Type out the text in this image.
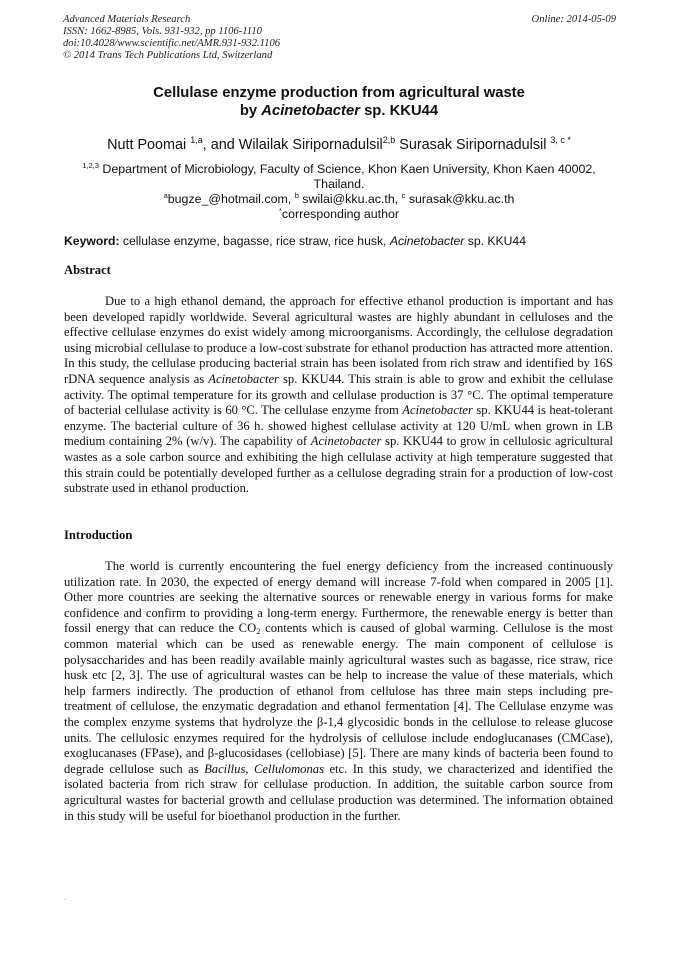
Advanced Materials Research
ISSN: 1662-8985, Vols. 931-932, pp 1106-1110
doi:10.4028/www.scientific.net/AMR.931-932.1106
© 2014 Trans Tech Publications Ltd, Switzerland
Online: 2014-05-09
Cellulase enzyme production from agricultural waste
by Acinetobacter sp. KKU44
Nutt Poomai $^{1,a}$, and Wilailak Siripornadulsil$^{2,b}$ Surasak Siripornadulsil $^{3, c *}$
$^{1,2,3}$ Department of Microbiology, Faculty of Science, Khon Kaen University, Khon Kaen 40002, Thailand.
$^a$bugze_@hotmail.com, $^b$ swilai@kku.ac.th, $^c$ surasak@kku.ac.th
*corresponding author
Keyword: cellulase enzyme, bagasse, rice straw, rice husk, Acinetobacter sp. KKU44
Abstract
Due to a high ethanol demand, the approach for effective ethanol production is important and has been developed rapidly worldwide. Several agricultural wastes are highly abundant in celluloses and the effective cellulase enzymes do exist widely among microorganisms. Accordingly, the cellulose degradation using microbial cellulase to produce a low-cost substrate for ethanol production has attracted more attention. In this study, the cellulase producing bacterial strain has been isolated from rich straw and identified by 16S rDNA sequence analysis as Acinetobacter sp. KKU44. This strain is able to grow and exhibit the cellulase activity. The optimal temperature for its growth and cellulase production is 37 °C. The optimal temperature of bacterial cellulase activity is 60 °C. The cellulase enzyme from Acinetobacter sp. KKU44 is heat-tolerant enzyme. The bacterial culture of 36 h. showed highest cellulase activity at 120 U/mL when grown in LB medium containing 2% (w/v). The capability of Acinetobacter sp. KKU44 to grow in cellulosic agricultural wastes as a sole carbon source and exhibiting the high cellulase activity at high temperature suggested that this strain could be potentially developed further as a cellulose degrading strain for a production of low-cost substrate used in ethanol production.
Introduction
The world is currently encountering the fuel energy deficiency from the increased continuously utilization rate. In 2030, the expected of energy demand will increase 7-fold when compared in 2005 [1]. Other more countries are seeking the alternative sources or renewable energy in various forms for make confidence and confirm to providing a long-term energy. Furthermore, the renewable energy is better than fossil energy that can reduce the $CO_2$ contents which is caused of global warming. Cellulose is the most common material which can be used as renewable energy. The main component of cellulose is polysaccharides and has been readily available mainly agricultural wastes such as bagasse, rice straw, rice husk etc [2, 3]. The use of agricultural wastes can be help to increase the value of these materials, which help farmers indirectly. The production of ethanol from cellulose has three main steps including pre-treatment of cellulose, the enzymatic degradation and ethanol fermentation [4]. The Cellulase enzyme was the complex enzyme systems that hydrolyze the β-1,4 glycosidic bonds in the cellulose to release glucose units. The cellulosic enzymes required for the hydrolysis of cellulose include endoglucanases (CMCase), exoglucanases (FPase), and β-glucosidases (cellobiase) [5]. There are many kinds of bacteria been found to degrade cellulose such as Bacillus, Cellulomonas etc. In this study, we characterized and identified the isolated bacteria from rich straw for cellulase production. In addition, the suitable carbon source from agricultural wastes for bacterial growth and cellulase production was determined. The information obtained in this study will be useful for bioethanol production in the further.
.
